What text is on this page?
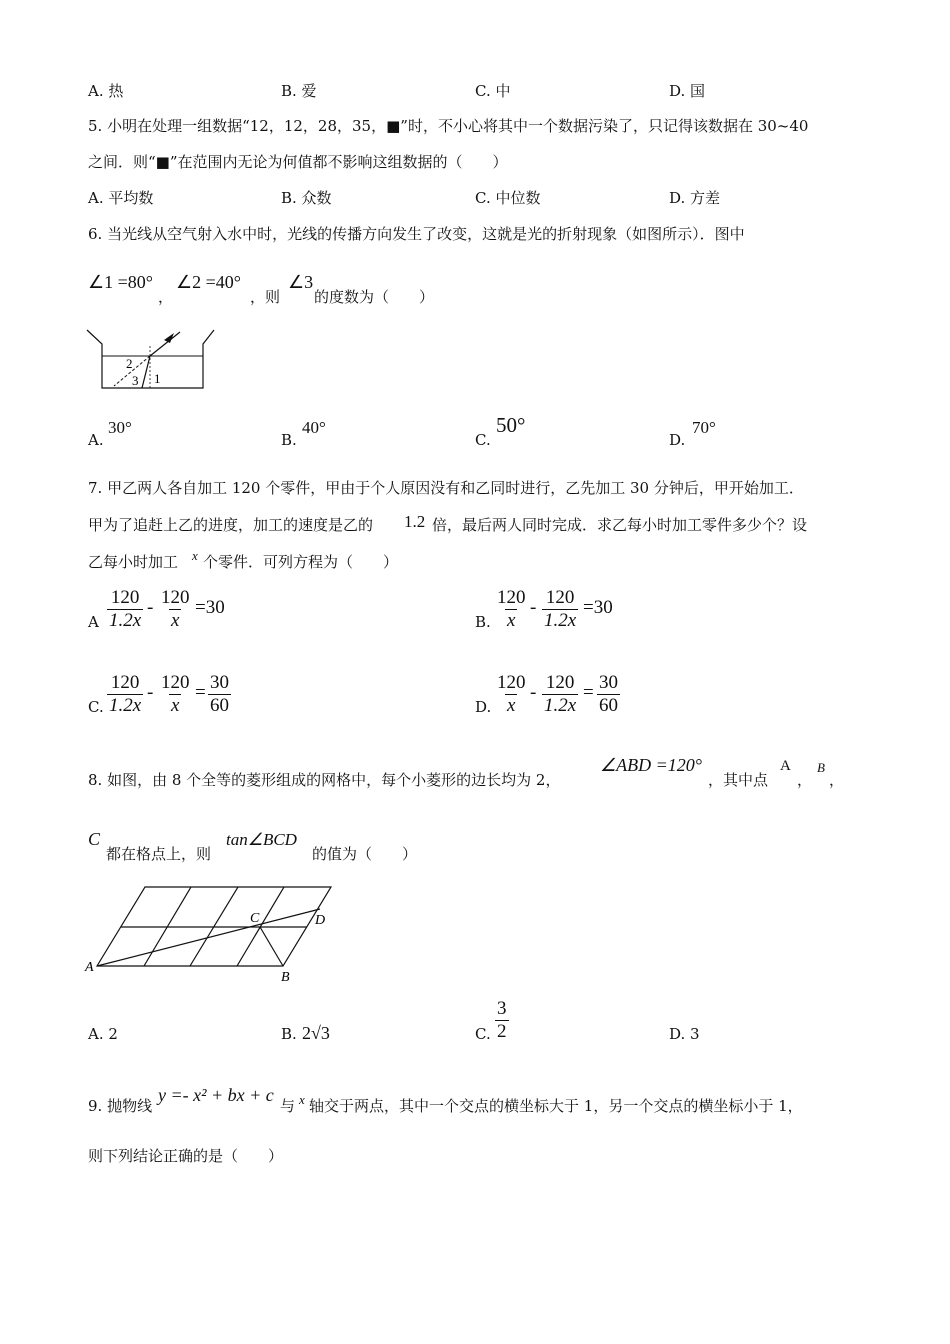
A. 热	B. 爱	C. 中	D. 国
5. 小明在处理一组数据“12，12，28，35，■”时，不小心将其中一个数据污染了，只记得该数据在 30~40
之间．则“■”在范围内无论为何值都不影响这组数据的（　　）
A. 平均数	B. 众数	C. 中位数	D. 方差
6. 当光线从空气射入水中时，光线的传播方向发生了改变，这就是光的折射现象（如图所示）．图中
∠1 =80°
，
∠2 =40°
，则
∠3
的度数为（　　）
2
3 1
A.
30°
B.
40°
C.
50°
D.
70°
7. 甲乙两人各自加工 120 个零件，甲由于个人原因没有和乙同时进行，乙先加工 30 分钟后，甲开始加工．
甲为了追赶上乙的进度，加工的速度是乙的 1.2 倍，最后两人同时完成．求乙每小时加工零件多少个？设
乙每小时加工 x 个零件．可列方程为（　　）
A $\frac{120}{1.2x} - \frac{120}{x} =30$
B. $\frac{120}{x} - \frac{120}{1.2x} =30$
C. $\frac{120}{1.2x} - \frac{120}{x} = \frac{30}{60}$	D. $\frac{120}{x} - \frac{120}{1.2x} = \frac{30}{60}$
8. 如图，由 8 个全等的菱形组成的网格中，每个小菱形的边长均为 2，
∠ABD =120°
，其中点
A
，
B
，
C
都在格点上，则
tan∠BCD
的值为（　　）
A
B
C	D
A. 2	B. 2√3	C. $\frac{3}{2}$	D. 3
9. 抛物线
y =- x² + bx + c
与 x 轴交于两点，其中一个交点的横坐标大于 1，另一个交点的横坐标小于 1，
则下列结论正确的是（　　）
